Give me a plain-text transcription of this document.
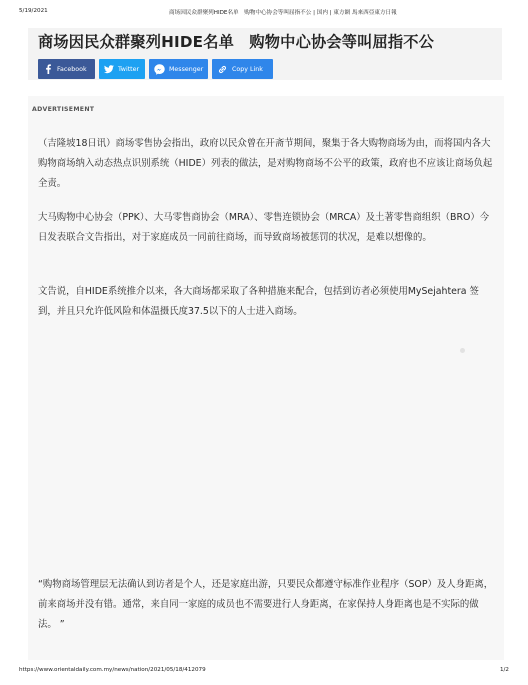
5/19/2021	商场因民众群聚列HIDE名单　购物中心协会等叫屈指不公 | 国内 | 東方網 馬來西亞東方日報
商场因民众群聚列HIDE名单　购物中心协会等叫屈指不公
Facebook	Twitter	Messenger	Copy Link
ADVERTISEMENT

（吉隆坡18日讯）商场零售协会指出，政府以民众曾在开斋节期间，聚集于各大购物商场为由，而将国内各大购物商场纳入动态热点识别系统（HIDE）列表的做法，是对购物商场不公平的政策，政府也不应该让商场负起全责。

大马购物中心协会（PPK）、大马零售商协会（MRA）、零售连锁协会（MRCA）及土著零售商组织（BRO）今日发表联合文告指出，对于家庭成员一同前往商场，而导致商场被惩罚的状况，是难以想像的。

文告说，自HIDE系统推介以来，各大商场都采取了各种措施来配合，包括到访者必须使用MySejahtera 签到，并且只允许低风险和体温摄氏度37.5以下的人士进入商场。

“购物商场管理层无法确认到访者是个人，还是家庭出游，只要民众都遵守标准作业程序（SOP）及人身距离，前来商场并没有错。通常，来自同一家庭的成员也不需要进行人身距离，在家保持人身距离也是不实际的做法。 ”

https://www.orientaldaily.com.my/news/nation/2021/05/18/412079	1/2
